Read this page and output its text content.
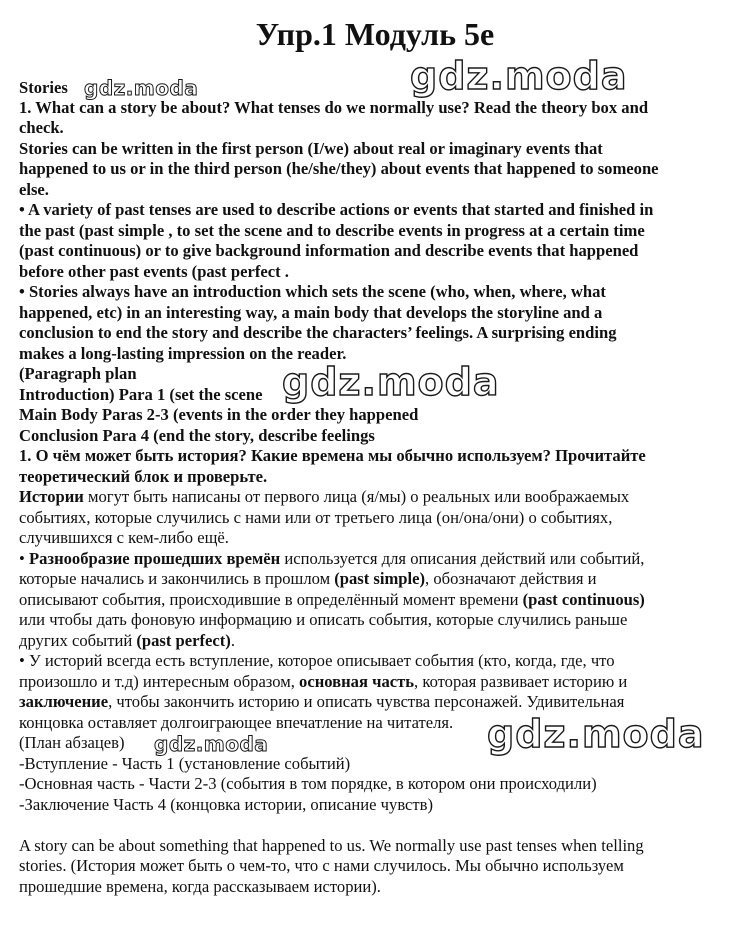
Упр.1 Модуль 5e
Stories
1. What can a story be about? What tenses do we normally use? Read the theory box and
check.
Stories can be written in the first person (I/we) about real or imaginary events that
happened to us or in the third person (he/she/they) about events that happened to someone
else.
• A variety of past tenses are used to describe actions or events that started and finished in
the past (past simple , to set the scene and to describe events in progress at a certain time
(past continuous) or to give background information and describe events that happened
before other past events (past perfect .
• Stories always have an introduction which sets the scene (who, when, where, what
happened, etc) in an interesting way, a main body that develops the storyline and a
conclusion to end the story and describe the characters’ feelings. A surprising ending
makes a long-lasting impression on the reader.
(Paragraph plan
Introduction) Para 1 (set the scene
Main Body Paras 2-3 (events in the order they happened
Conclusion Para 4 (end the story, describe feelings
1. О чём может быть история? Какие времена мы обычно используем? Прочитайте
теоретический блок и проверьте.
Истории могут быть написаны от первого лица (я/мы) о реальных или воображаемых
событиях, которые случились с нами или от третьего лица (он/она/они) о событиях,
случившихся с кем-либо ещё.
• Разнообразие прошедших времён используется для описания действий или событий,
которые начались и закончились в прошлом (past simple), обозначают действия и
описывают события, происходившие в определённый момент времени (past continuous)
или чтобы дать фоновую информацию и описать события, которые случились раньше
других событий (past perfect).
• У историй всегда есть вступление, которое описывает события (кто, когда, где, что
произошло и т.д) интересным образом, основная часть, которая развивает историю и
заключение, чтобы закончить историю и описать чувства персонажей. Удивительная
концовка оставляет долгоиграющее впечатление на читателя.
(План абзацев)
-Вступление - Часть 1 (установление событий)
-Основная часть - Части 2-3 (события в том порядке, в котором они происходили)
-Заключение Часть 4 (концовка истории, описание чувств)
A story can be about something that happened to us. We normally use past tenses when telling
stories. (История может быть о чем-то, что с нами случилось. Мы обычно используем
прошедшие времена, когда рассказываем истории).
gdz.moda	gdz.moda
gdz.moda
gdz.moda	gdz.moda
